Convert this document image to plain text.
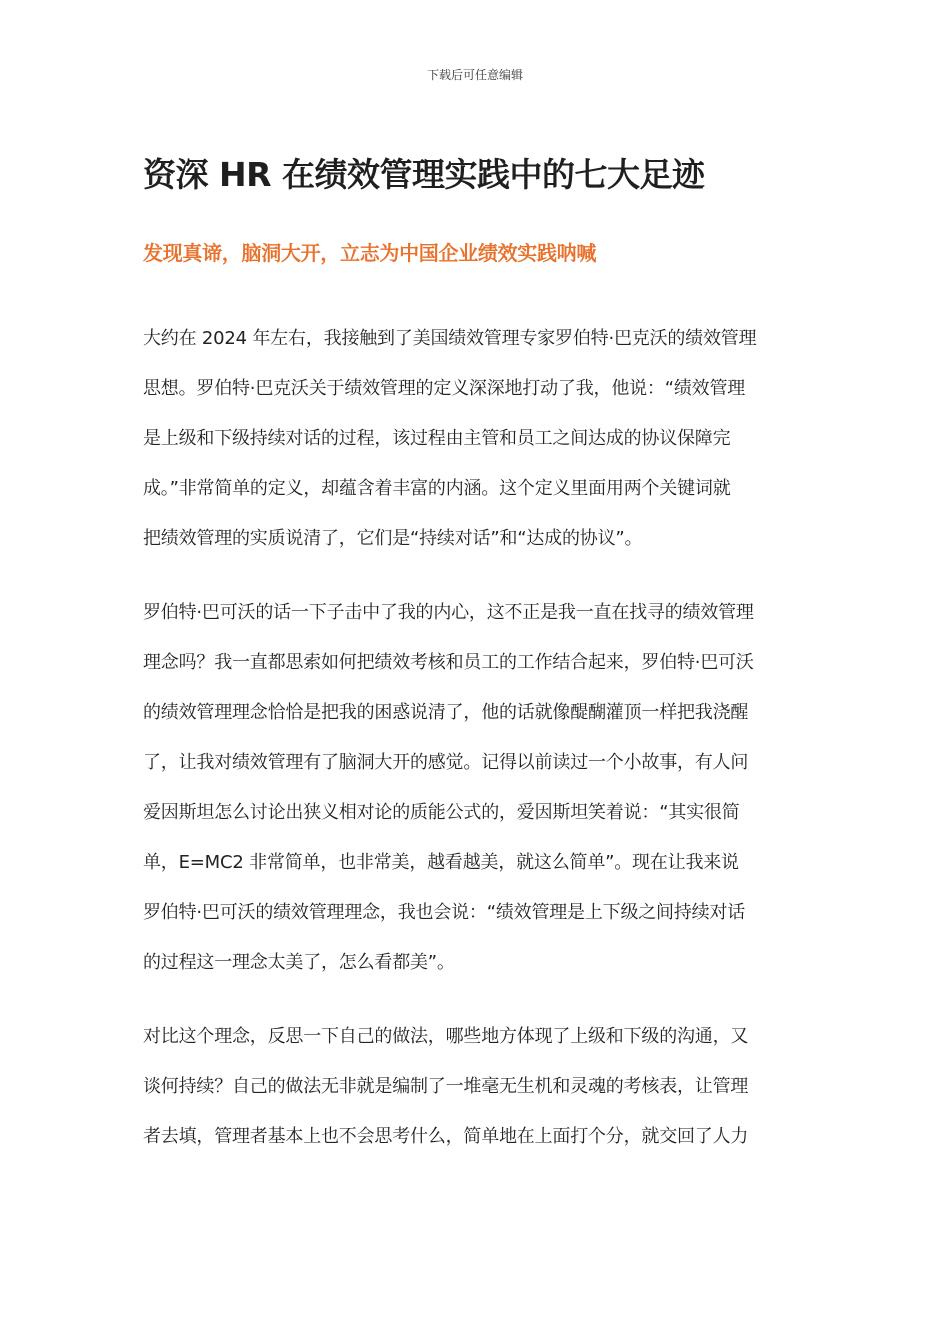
下载后可任意编辑
资深 HR 在绩效管理实践中的七大足迹
发现真谛，脑洞大开，立志为中国企业绩效实践呐喊

大约在 2024 年左右，我接触到了美国绩效管理专家罗伯特·巴克沃的绩效管理
思想。罗伯特·巴克沃关于绩效管理的定义深深地打动了我，他说：“绩效管理
是上级和下级持续对话的过程，该过程由主管和员工之间达成的协议保障完
成。”非常简单的定义，却蕴含着丰富的内涵。这个定义里面用两个关键词就
把绩效管理的实质说清了，它们是“持续对话”和“达成的协议”。

罗伯特·巴可沃的话一下子击中了我的内心，这不正是我一直在找寻的绩效管理
理念吗？我一直都思索如何把绩效考核和员工的工作结合起来，罗伯特·巴可沃
的绩效管理理念恰恰是把我的困惑说清了，他的话就像醍醐灌顶一样把我浇醒
了，让我对绩效管理有了脑洞大开的感觉。记得以前读过一个小故事，有人问
爱因斯坦怎么讨论出狭义相对论的质能公式的，爱因斯坦笑着说：“其实很简
单，E=MC2 非常简单，也非常美，越看越美，就这么简单”。现在让我来说
罗伯特·巴可沃的绩效管理理念，我也会说：“绩效管理是上下级之间持续对话
的过程这一理念太美了，怎么看都美”。

对比这个理念，反思一下自己的做法，哪些地方体现了上级和下级的沟通，又
谈何持续？自己的做法无非就是编制了一堆毫无生机和灵魂的考核表，让管理
者去填，管理者基本上也不会思考什么，简单地在上面打个分，就交回了人力
